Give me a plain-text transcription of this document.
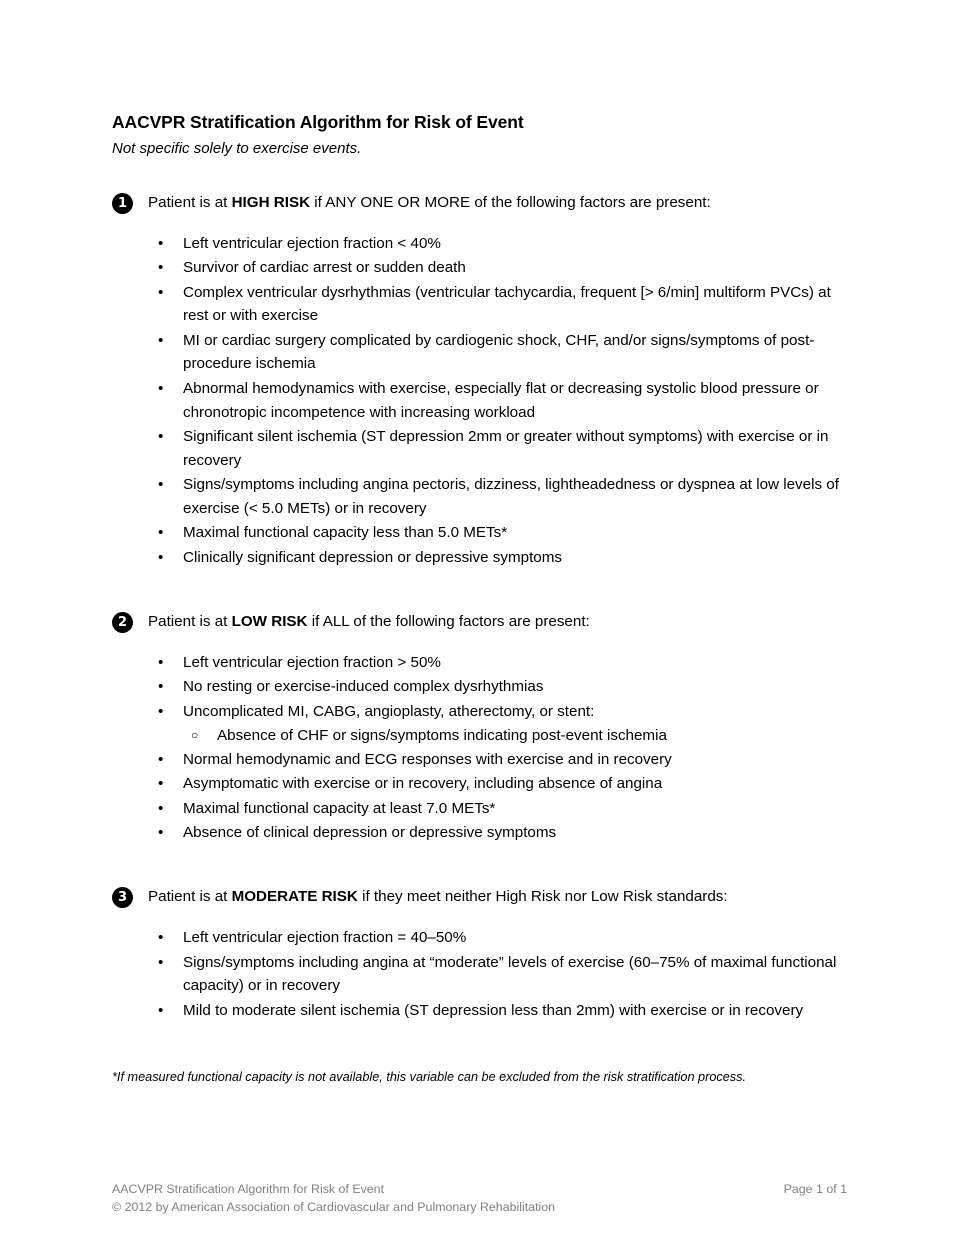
AACVPR Stratification Algorithm for Risk of Event
Not specific solely to exercise events.
1	Patient is at HIGH RISK if ANY ONE OR MORE of the following factors are present:
• Left ventricular ejection fraction < 40%
• Survivor of cardiac arrest or sudden death
• Complex ventricular dysrhythmias (ventricular tachycardia, frequent [> 6/min] multiform PVCs) at rest or with exercise
• MI or cardiac surgery complicated by cardiogenic shock, CHF, and/or signs/symptoms of post-procedure ischemia
• Abnormal hemodynamics with exercise, especially flat or decreasing systolic blood pressure or chronotropic incompetence with increasing workload
• Significant silent ischemia (ST depression 2mm or greater without symptoms) with exercise or in recovery
• Signs/symptoms including angina pectoris, dizziness, lightheadedness or dyspnea at low levels of exercise (< 5.0 METs) or in recovery
• Maximal functional capacity less than 5.0 METs*
• Clinically significant depression or depressive symptoms
2	Patient is at LOW RISK if ALL of the following factors are present:
• Left ventricular ejection fraction > 50%
• No resting or exercise-induced complex dysrhythmias
• Uncomplicated MI, CABG, angioplasty, atherectomy, or stent:
○ Absence of CHF or signs/symptoms indicating post-event ischemia
• Normal hemodynamic and ECG responses with exercise and in recovery
• Asymptomatic with exercise or in recovery, including absence of angina
• Maximal functional capacity at least 7.0 METs*
• Absence of clinical depression or depressive symptoms
3	Patient is at MODERATE RISK if they meet neither High Risk nor Low Risk standards:
• Left ventricular ejection fraction = 40–50%
• Signs/symptoms including angina at “moderate” levels of exercise (60–75% of maximal functional capacity) or in recovery
• Mild to moderate silent ischemia (ST depression less than 2mm) with exercise or in recovery
*If measured functional capacity is not available, this variable can be excluded from the risk stratification process.
AACVPR Stratification Algorithm for Risk of Event	Page 1 of 1
© 2012 by American Association of Cardiovascular and Pulmonary Rehabilitation
